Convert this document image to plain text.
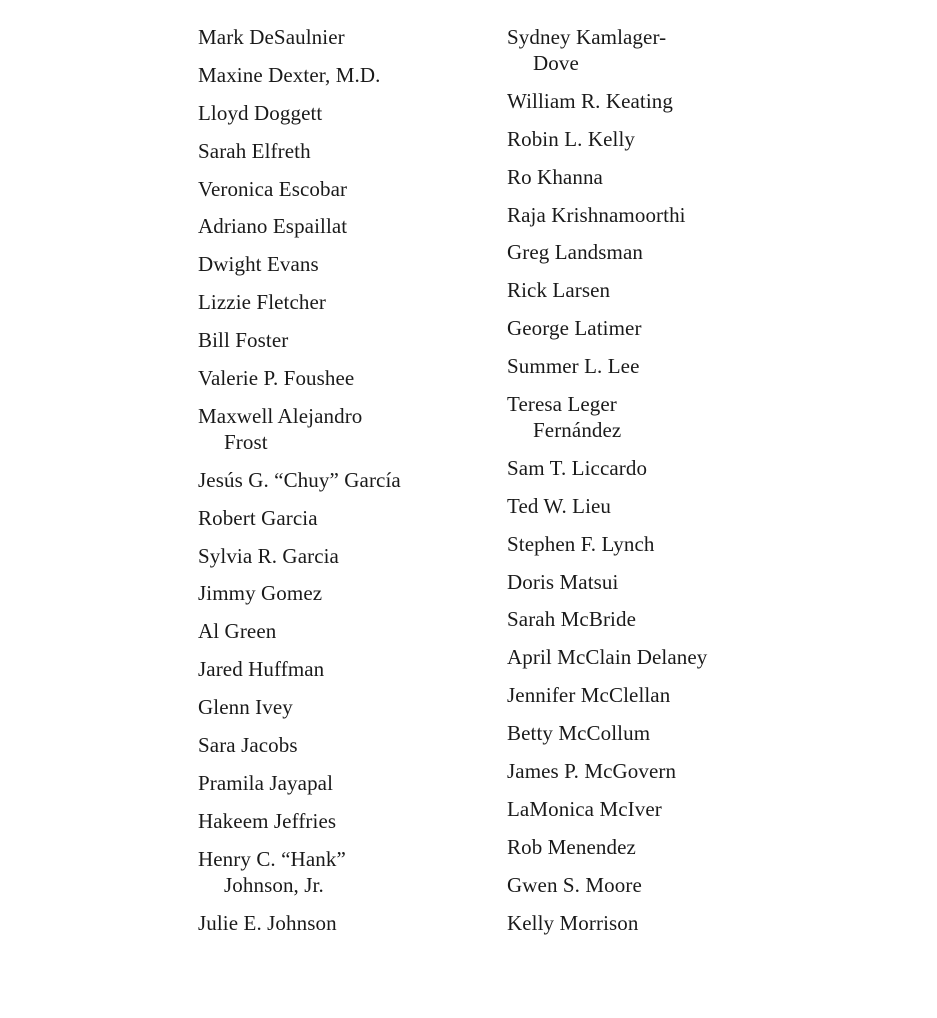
Mark DeSaulnier
Maxine Dexter, M.D.
Lloyd Doggett
Sarah Elfreth
Veronica Escobar
Adriano Espaillat
Dwight Evans
Lizzie Fletcher
Bill Foster
Valerie P. Foushee
Maxwell Alejandro
Frost
Jesús G. “Chuy” García
Robert Garcia
Sylvia R. Garcia
Jimmy Gomez
Al Green
Jared Huffman
Glenn Ivey
Sara Jacobs
Pramila Jayapal
Hakeem Jeffries
Henry C. “Hank”
Johnson, Jr.
Julie E. Johnson
Sydney Kamlager-
Dove
William R. Keating
Robin L. Kelly
Ro Khanna
Raja Krishnamoorthi
Greg Landsman
Rick Larsen
George Latimer
Summer L. Lee
Teresa Leger
Fernández
Sam T. Liccardo
Ted W. Lieu
Stephen F. Lynch
Doris Matsui
Sarah McBride
April McClain Delaney
Jennifer McClellan
Betty McCollum
James P. McGovern
LaMonica McIver
Rob Menendez
Gwen S. Moore
Kelly Morrison
